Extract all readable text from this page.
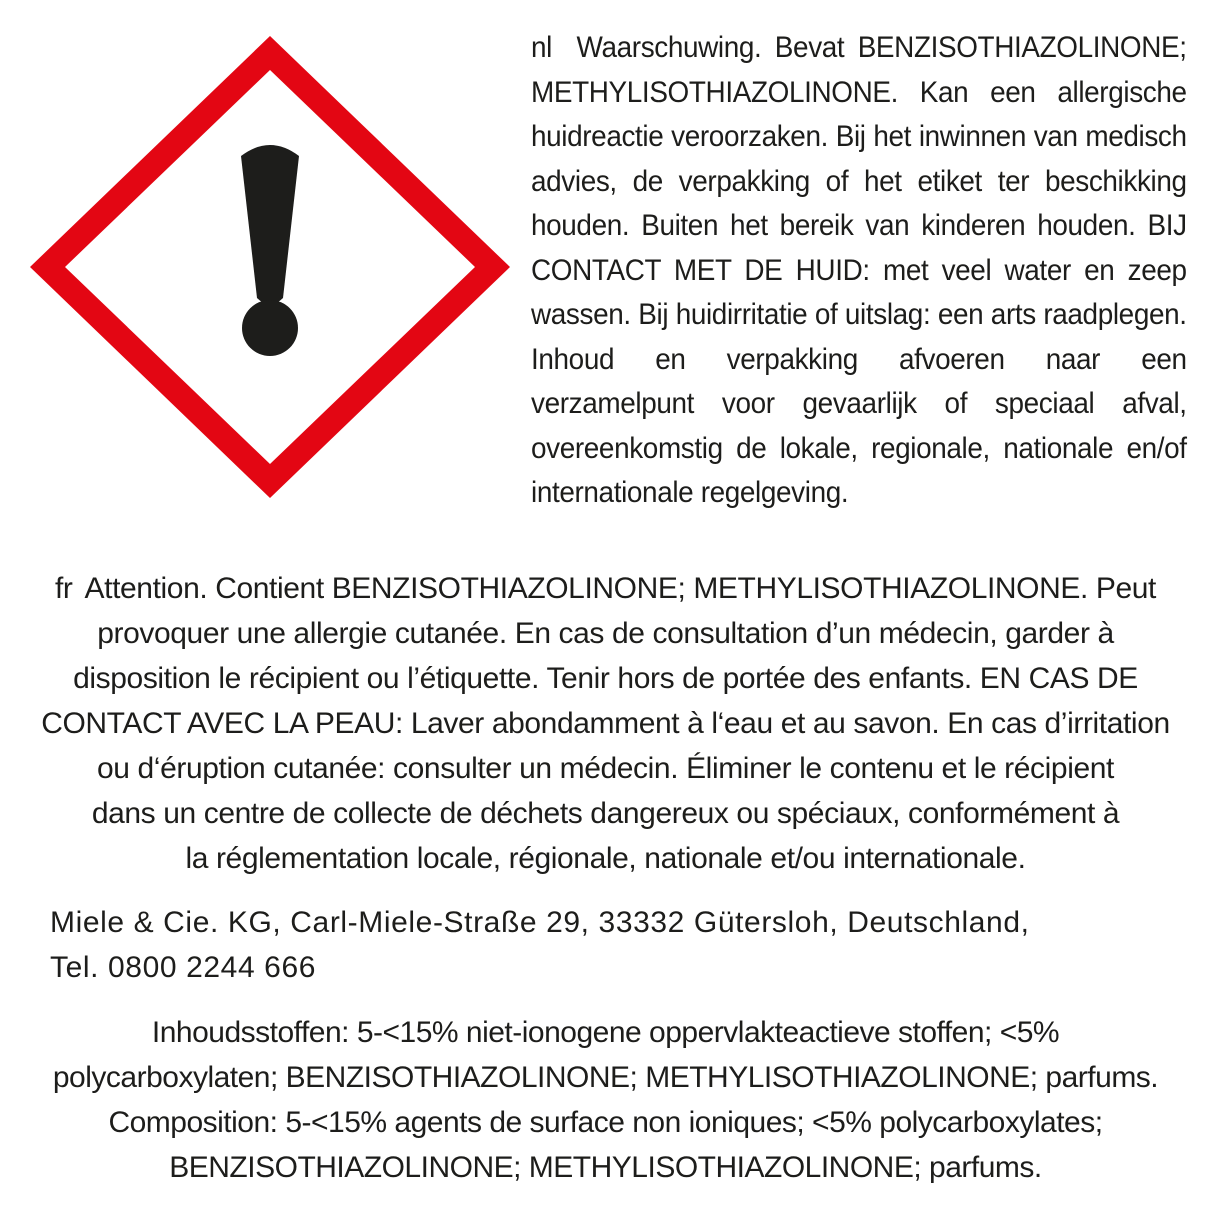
nl Waarschuwing. Bevat BENZISOTHIAZOLINONE; METHYLISOTHIAZOLINONE. Kan een allergische huidreactie veroorzaken. Bij het inwinnen van medisch advies, de verpakking of het etiket ter beschikking houden. Buiten het bereik van kinderen houden. BIJ CONTACT MET DE HUID: met veel water en zeep wassen. Bij huidirritatie of uitslag: een arts raadplegen. Inhoud en verpakking afvoeren naar een verzamelpunt voor gevaarlijk of speciaal afval, overeenkomstig de lokale, regionale, nationale en/of internationale regelgeving.
fr Attention. Contient BENZISOTHIAZOLINONE; METHYLISOTHIAZOLINONE. Peut
provoquer une allergie cutanée. En cas de consultation d’un médecin, garder à
disposition le récipient ou l’étiquette. Tenir hors de portée des enfants. EN CAS DE
CONTACT AVEC LA PEAU: Laver abondamment à l‘eau et au savon. En cas d’irritation
ou d‘éruption cutanée: consulter un médecin. Éliminer le contenu et le récipient
dans un centre de collecte de déchets dangereux ou spéciaux, conformément à
la réglementation locale, régionale, nationale et/ou internationale.
Miele & Cie. KG, Carl-Miele-Straße 29, 33332 Gütersloh, Deutschland,
Tel. 0800 2244 666
Inhoudsstoffen: 5-<15% niet-ionogene oppervlakteactieve stoffen; <5%
polycarboxylaten; BENZISOTHIAZOLINONE; METHYLISOTHIAZOLINONE; parfums.
Composition: 5-<15% agents de surface non ioniques; <5% polycarboxylates;
BENZISOTHIAZOLINONE; METHYLISOTHIAZOLINONE; parfums.
